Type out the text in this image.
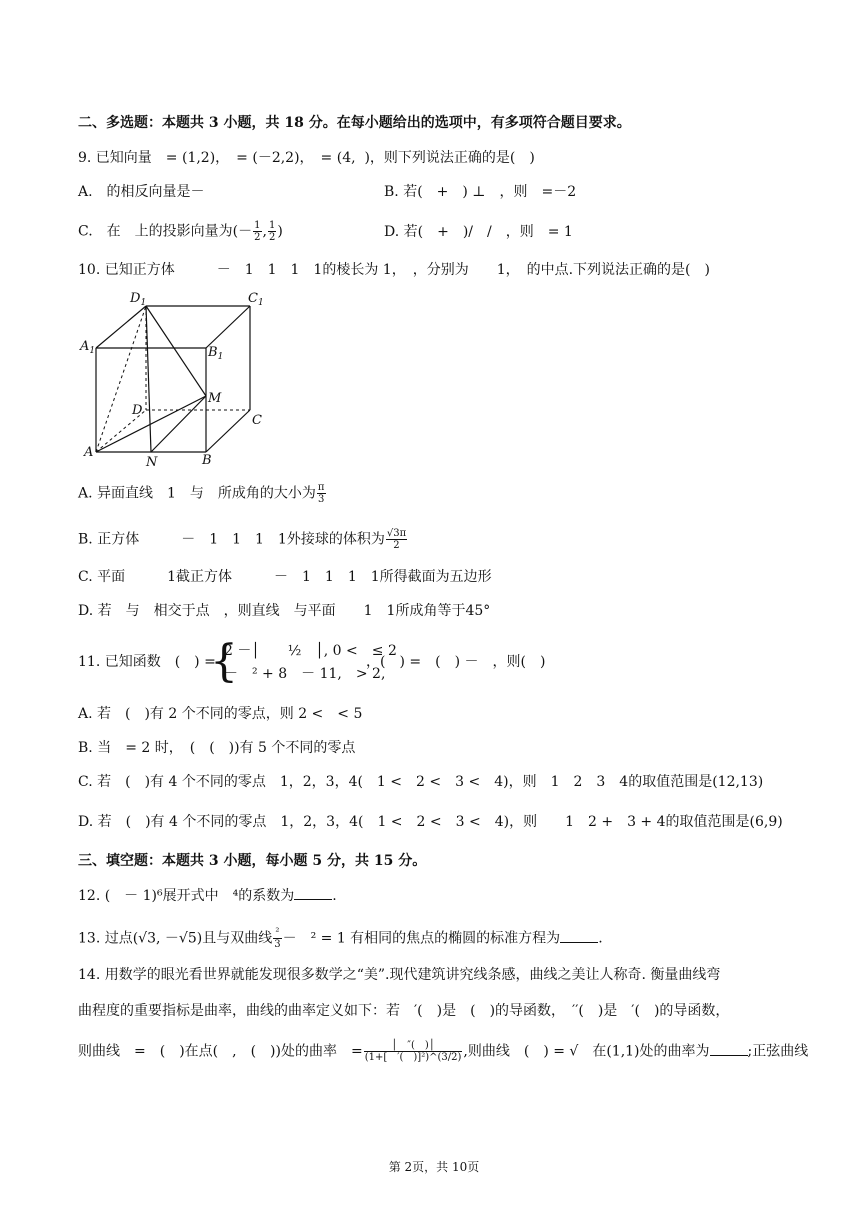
二、多选题：本题共 3 小题，共 18 分。在每小题给出的选项中，有多项符合题目要求。
9. 已知向量　= (1,2)，　= (－2,2)，　= (4,  )，则下列说法正确的是(　)
A.　的相反向量是－	B. 若(　+　) ⊥　，则　=－2
C.　在　上的投影向量为(－ $\frac{1}{2}$ , $\frac{1}{2}$ )	D. 若(　+　)/　/　，则　= 1
10. 已知正方体　　　－　1　1　1　1的棱长为 1，　，分别为　　1，　的中点.下列说法正确的是(　)
$D_1$	$C_1$
$A_1$	$B_1$
M
D
C
A
N	B
A. 异面直线　1　与　所成角的大小为 $\frac{\pi}{3}$
B. 正方体　　　－　1　1　1　1外接球的体积为 $\frac{√3\pi}{2}$
C. 平面　　　1截正方体　　　－　1　1　1　1所得截面为五边形
D. 若　与　相交于点　，则直线　与平面　　1　1所成角等于45°
11. 已知函数　(　) =
{
2 －│　　½　│, 0 <　≤ 2
－　² + 8　－ 11,　> 2,
，(　) =　(　) －　，则(　)
A. 若　(　)有 2 个不同的零点，则 2 <　< 5
B. 当　= 2 时，　(　(　))有 5 个不同的零点
C. 若　(　)有 4 个不同的零点　1，2，3，4(　1 <　2 <　3 <　4)，则　1　2　3　4的取值范围是(12,13)
D. 若　(　)有 4 个不同的零点　1，2，3，4(　1 <　2 <　3 <　4)，则　　1　2 +　3 + 4的取值范围是(6,9)
三、填空题：本题共 3 小题，每小题 5 分，共 15 分。
12. (　－ 1)⁶展开式中　⁴的系数为	.
13. 过点(√3, －√5)且与双曲线 $\frac{\text{²}}{3}$ －　² = 1 有相同的焦点的椭圆的标准方程为	.
14. 用数学的眼光看世界就能发现很多数学之“美”.现代建筑讲究线条感，曲线之美让人称奇. 衡量曲线弯
曲程度的重要指标是曲率，曲线的曲率定义如下：若　′(　)是　(　)的导函数，　′′(　)是　′(　)的导函数，
则曲线　=　(　)在点(　,　(　))处的曲率　= $\frac{│ ''( )│}{\text{(1+[　′(　)]²)\textasciicircum{}(3/2)}}$ ,则曲线　(　) = √　在(1,1)处的曲率为	;正弦曲线
第 2页，共 10页
